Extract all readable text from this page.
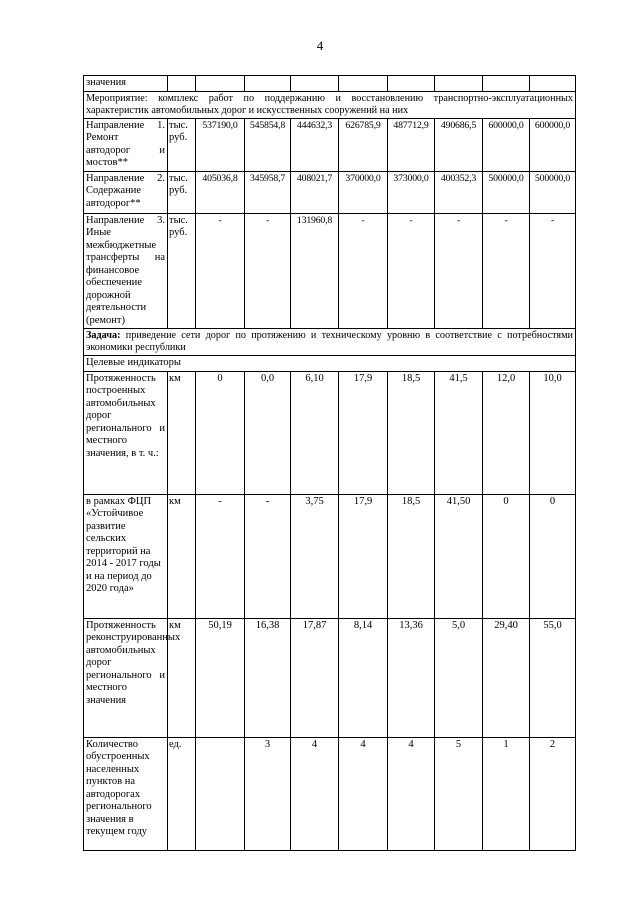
4
значения									
Мероприятие: комплекс работ по поддержанию и восстановлению транспортно-эксплуатационных характеристик автомобильных дорог и искусственных сооружений на них									
Направление 1. Ремонт автодорог и мостов**	тыс. руб.	537190,0	545854,8	444632,3	626785,9	487712,9	490686,5	600000,0	600000,0
Направление 2. Содержание автодорог**	тыс. руб.	405036,8	345958,7	408021,7	370000,0	373000,0	400352,3	500000,0	500000,0
Направление 3. Иные межбюджетные трансферты на финансовое обеспечение дорожной деятельности (ремонт)	тыс. руб.	-	-	131960,8	-	-	-	-	-
Задача: приведение сети дорог по протяжению и техническому уровню в соответствие с потребностями экономики республики									
Целевые индикаторы									
Протяженность построенных автомобильных дорог регионального и местного значения, в т. ч.:	км	0	0,0	6,10	17,9	18,5	41,5	12,0	10,0
в рамках ФЦП «Устойчивое развитие сельских территорий на 2014 - 2017 годы и на период до 2020 года»	км	-	-	3,75	17,9	18,5	41,50	0	0
Протяженность реконструированных автомобильных дорог регионального и местного значения	км	50,19	16,38	17,87	8,14	13,36	5,0	29,40	55,0
Количество обустроенных населенных пунктов на автодорогах регионального значения в текущем году	ед.		3	4	4	4	5	1	2
